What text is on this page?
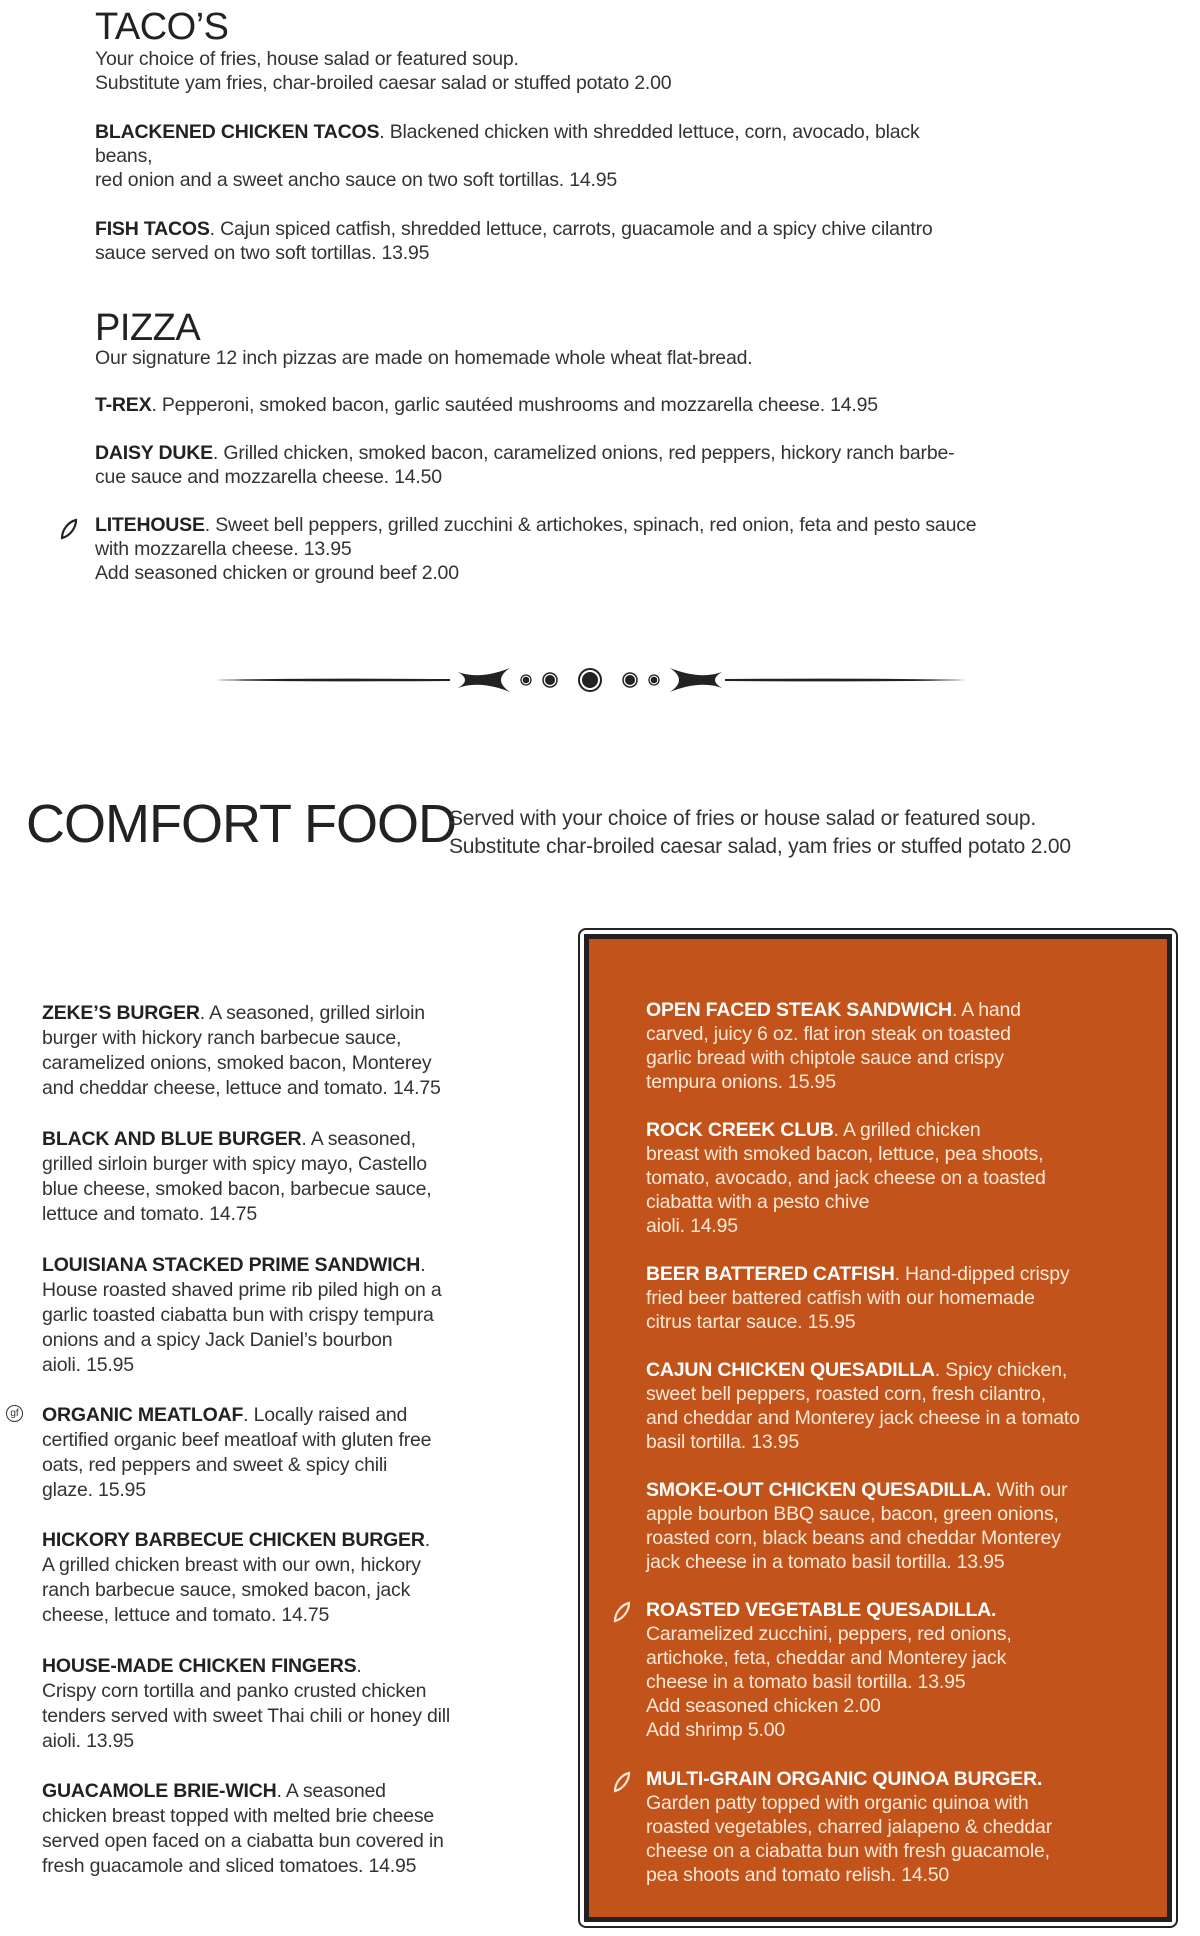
TACO’S
Your choice of fries, house salad or featured soup.
Substitute yam fries, char-broiled caesar salad or stuffed potato 2.00
BLACKENED CHICKEN TACOS. Blackened chicken with shredded lettuce, corn, avocado, black
beans,
red onion and a sweet ancho sauce on two soft tortillas. 14.95
FISH TACOS. Cajun spiced catfish, shredded lettuce, carrots, guacamole and a spicy chive cilantro
sauce served on two soft tortillas. 13.95
PIZZA
Our signature 12 inch pizzas are made on homemade whole wheat flat-bread.
T-REX. Pepperoni, smoked bacon, garlic sautéed mushrooms and mozzarella cheese. 14.95
DAISY DUKE. Grilled chicken, smoked bacon, caramelized onions, red peppers, hickory ranch barbe-
cue sauce and mozzarella cheese. 14.50
LITEHOUSE. Sweet bell peppers, grilled zucchini & artichokes, spinach, red onion, feta and pesto sauce
with mozzarella cheese. 13.95
Add seasoned chicken or ground beef 2.00
COMFORT FOOD
Served with your choice of fries or house salad or featured soup.
Substitute char-broiled caesar salad, yam fries or stuffed potato 2.00
ZEKE’S BURGER. A seasoned, grilled sirloin
burger with hickory ranch barbecue sauce,
caramelized onions, smoked bacon, Monterey
and cheddar cheese, lettuce and tomato. 14.75
BLACK AND BLUE BURGER. A seasoned,
grilled sirloin burger with spicy mayo, Castello
blue cheese, smoked bacon, barbecue sauce,
lettuce and tomato. 14.75
LOUISIANA STACKED PRIME SANDWICH.
House roasted shaved prime rib piled high on a
garlic toasted ciabatta bun with crispy tempura
onions and a spicy Jack Daniel’s bourbon
aioli. 15.95
gf ORGANIC MEATLOAF. Locally raised and
certified organic beef meatloaf with gluten free
oats, red peppers and sweet & spicy chili
glaze. 15.95
HICKORY BARBECUE CHICKEN BURGER.
A grilled chicken breast with our own, hickory
ranch barbecue sauce, smoked bacon, jack
cheese, lettuce and tomato. 14.75
HOUSE-MADE CHICKEN FINGERS.
Crispy corn tortilla and panko crusted chicken
tenders served with sweet Thai chili or honey dill
aioli. 13.95
GUACAMOLE BRIE-WICH. A seasoned
chicken breast topped with melted brie cheese
served open faced on a ciabatta bun covered in
fresh guacamole and sliced tomatoes. 14.95
OPEN FACED STEAK SANDWICH. A hand
carved, juicy 6 oz. flat iron steak on toasted
garlic bread with chiptole sauce and crispy
tempura onions. 15.95
ROCK CREEK CLUB. A grilled chicken
breast with smoked bacon, lettuce, pea shoots,
tomato, avocado, and jack cheese on a toasted
ciabatta with a pesto chive
aioli. 14.95
BEER BATTERED CATFISH. Hand-dipped crispy
fried beer battered catfish with our homemade
citrus tartar sauce. 15.95
CAJUN CHICKEN QUESADILLA. Spicy chicken,
sweet bell peppers, roasted corn, fresh cilantro,
and cheddar and Monterey jack cheese in a tomato
basil tortilla. 13.95
SMOKE-OUT CHICKEN QUESADILLA. With our
apple bourbon BBQ sauce, bacon, green onions,
roasted corn, black beans and cheddar Monterey
jack cheese in a tomato basil tortilla. 13.95
ROASTED VEGETABLE QUESADILLA.
Caramelized zucchini, peppers, red onions,
artichoke, feta, cheddar and Monterey jack
cheese in a tomato basil tortilla. 13.95
Add seasoned chicken 2.00
Add shrimp 5.00
MULTI-GRAIN ORGANIC QUINOA BURGER.
Garden patty topped with organic quinoa with
roasted vegetables, charred jalapeno & cheddar
cheese on a ciabatta bun with fresh guacamole,
pea shoots and tomato relish. 14.50
